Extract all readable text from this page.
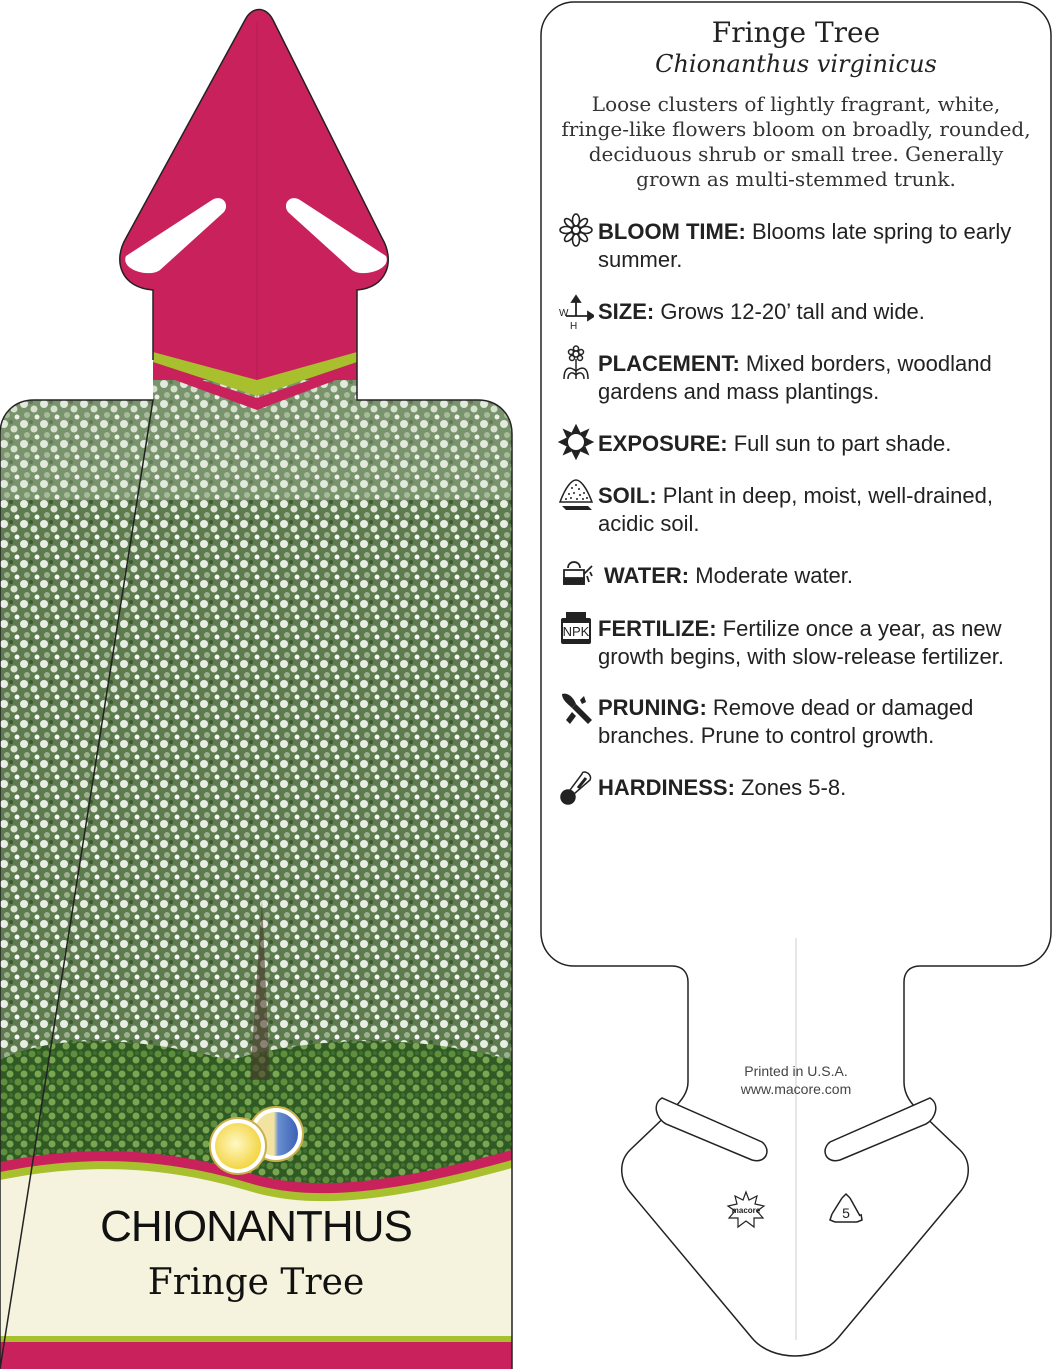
CHIONANTHUS
Fringe Tree
Fringe Tree
Chionanthus virginicus
Loose clusters of lightly fragrant, white, fringe-like flowers bloom on broadly, rounded, deciduous shrub or small tree. Generally grown as multi-stemmed trunk.
BLOOM TIME: Blooms late spring to early summer.
W
H
SIZE: Grows 12-20’ tall and wide.
PLACEMENT: Mixed borders, woodland gardens and mass plantings.
EXPOSURE: Full sun to part shade.
SOIL: Plant in deep, moist, well-drained, acidic soil.
WATER: Moderate water.
NPK FERTILIZE: Fertilize once a year, as new growth begins, with slow-release fertilizer.
PRUNING: Remove dead or damaged branches. Prune to control growth.
HARDINESS: Zones 5-8.
Printed in U.S.A.
www.macore.com
macore	5
